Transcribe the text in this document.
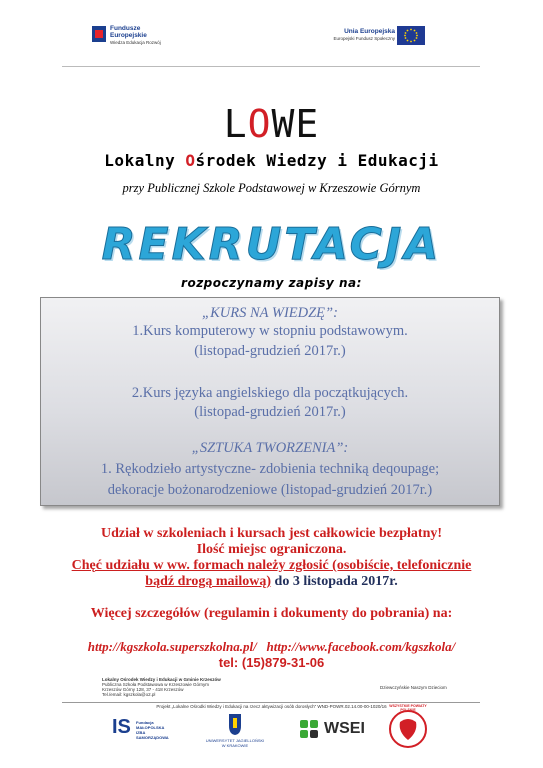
Fundusze
Europejskie
Wiedza Edukacja Rozwój
Unia Europejska
Europejski Fundusz Społeczny
LOWE
Lokalny Ośrodek Wiedzy i Edukacji
przy Publicznej Szkole Podstawowej w Krzeszowie Górnym
REKRUTACJA
rozpoczynamy zapisy na:
„KURS NA WIEDZĘ”:
1.Kurs komputerowy w stopniu podstawowym.
(listopad-grudzień 2017r.)
2.Kurs języka angielskiego dla początkujących.
(listopad-grudzień 2017r.)
„SZTUKA TWORZENIA”:
1. Rękodzieło artystyczne- zdobienia techniką deqoupage;
dekoracje bożonarodzeniowe (listopad-grudzień 2017r.)
Udział w szkoleniach i kursach jest całkowicie bezpłatny!
Ilość miejsc ograniczona.
Chęć udziału w ww. formach należy zgłosić (osobiście, telefonicznie
bądź drogą mailową) do 3 listopada 2017r.
Więcej szczegółów (regulamin i dokumenty do pobrania) na:
http://kgszkola.superszkolna.pl/ http://www.facebook.com/kgszkola/
tel: (15)879-31-06
Lokalny Ośrodek Wiedzy i Edukacji w Gminie Krzeszów
Publiczna Szkoła Podstawowa w Krzeszowie Górnym
Krzeszów Górny 128, 37 - 418 Krzeszów
Tel./email: kgszkola@o2.pl
Dziewczyńskie Naszym Dzieciom
Projekt „Lokalne Ośrodki Wiedzy i Edukacji na rzecz aktywizacji osób dorosłych” WND-POWR.02.14.00-00-1020/16
IS Fundacja MAŁOPOLSKA IZBA SAMORZĄDOWA
UNIWERSYTET JAGIELLOŃSKI W KRAKOWIE
WSEI
WSZYSTKIE POWIATY POLSKIE
